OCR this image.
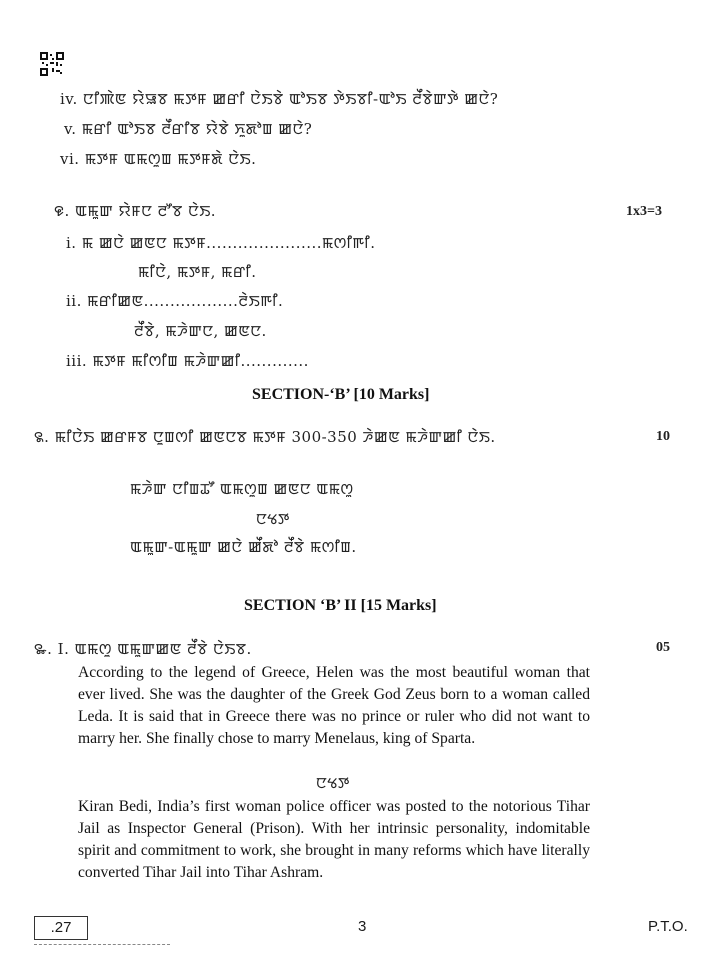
iv. ꯅꯤꯄꯥꯟ ꯌꯥꯎꯕ ꯃꯇꯝ ꯀꯔꯤ ꯅꯥꯏꯕꯥ ꯑꯣꯏꯕ ꯇꯥꯏꯕꯤ-ꯑꯣꯏ ꯂꯩꯕꯥꯛꯇꯥ ꯀꯅꯥ?
v. ꯃꯔꯤ ꯑꯣꯏꯕ ꯂꯩꯔꯤꯕ ꯌꯥꯕꯥ ꯈꯨꯗꯣꯡ ꯀꯅꯥ?
vi. ꯃꯇꯝ ꯑꯃꯁꯨꯡ ꯃꯇꯝꯗꯥ ꯅꯥꯏ.
꯶. ꯑꯃꯨꯛ ꯌꯥꯝꯅ ꯂꯧꯕ ꯅꯥꯏ.	1x3=3
i. ꯃ ꯀꯅꯥ ꯀꯟꯅ ꯃꯇꯝ......................ꯃꯁꯤꯒꯤ.
ꯃꯤꯅꯥ, ꯃꯇꯝ, ꯃꯔꯤ.
ii. ꯃꯔꯤꯀꯟ..................ꯂꯥꯏꯒꯤ.
ꯂꯩꯕꯥ, ꯃꯍꯥꯛꯅ, ꯀꯟꯅ.
iii. ꯃꯇꯝ ꯃꯤꯁꯤꯡ ꯃꯍꯥꯛꯀꯤ.............
SECTION-‘B’ [10 Marks]
꯲. ꯃꯤꯅꯥꯏ ꯀꯔꯝꯕ ꯅꯨꯡꯁꯤ ꯀꯟꯅꯕ ꯃꯇꯝ 300-350 ꯍꯥꯀꯟ ꯃꯍꯥꯛꯀꯤ ꯅꯥꯏ.	10
ꯃꯍꯥꯛ ꯅꯤꯡꯊꯧ ꯑꯃꯁꯨꯡ ꯀꯟꯅ ꯑꯃꯁꯨ
ꯅꯠꯇ
ꯑꯃꯨꯛ-ꯑꯃꯨꯛ ꯀꯅꯥ ꯀꯩꯗꯣ ꯂꯩꯕꯥ ꯃꯁꯤꯡ.
SECTION ‘B’ II [15 Marks]
꯳. I. ꯑꯃꯁꯨ ꯑꯃꯨꯛꯀꯟ ꯂꯩꯕꯥ ꯅꯥꯏꯕ.	05
According to the legend of Greece, Helen was the most beautiful woman that ever lived. She was the daughter of the Greek God Zeus born to a woman called Leda. It is said that in Greece there was no prince or ruler who did not want to marry her. She finally chose to marry Menelaus, king of Sparta.
ꯅꯠꯇ
Kiran Bedi, India’s first woman police officer was posted to the notorious Tihar Jail as Inspector General (Prison). With her intrinsic personality, indomitable spirit and commitment to work, she brought in many reforms which have literally converted Tihar Jail into Tihar Ashram.
.27	3	P.T.O.
